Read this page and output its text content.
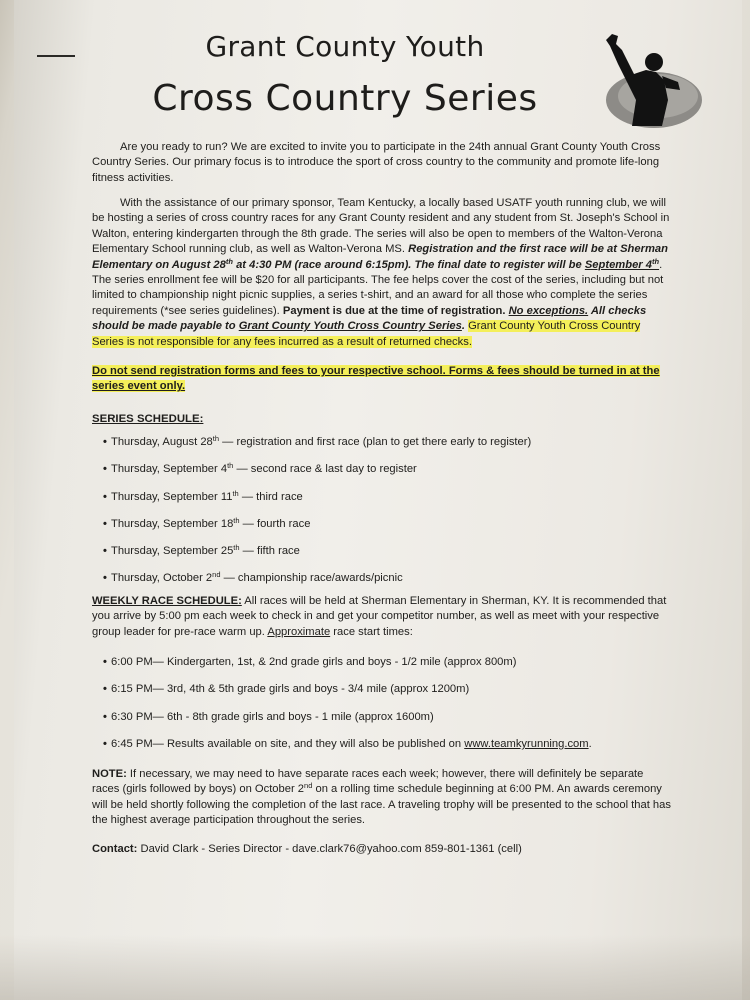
Grant County Youth
Cross Country Series

Are you ready to run? We are excited to invite you to participate in the 24th annual Grant County Youth Cross Country Series. Our primary focus is to introduce the sport of cross country to the community and promote life-long fitness activities.

With the assistance of our primary sponsor, Team Kentucky, a locally based USATF youth running club, we will be hosting a series of cross country races for any Grant County resident and any student from St. Joseph's School in Walton, entering kindergarten through the 8th grade. The series will also be open to members of the Walton-Verona Elementary School running club, as well as Walton-Verona MS. Registration and the first race will be at Sherman Elementary on August 28th at 4:30 PM (race around 6:15pm). The final date to register will be September 4th. The series enrollment fee will be $20 for all participants. The fee helps cover the cost of the series, including but not limited to championship night picnic supplies, a series t-shirt, and an award for all those who complete the series requirements (*see series guidelines). Payment is due at the time of registration. No exceptions. All checks should be made payable to Grant County Youth Cross Country Series. Grant County Youth Cross Country Series is not responsible for any fees incurred as a result of returned checks.

Do not send registration forms and fees to your respective school. Forms & fees should be turned in at the series event only.

SERIES SCHEDULE:
• Thursday, August 28th — registration and first race (plan to get there early to register)
• Thursday, September 4th — second race & last day to register
• Thursday, September 11th — third race
• Thursday, September 18th — fourth race
• Thursday, September 25th — fifth race
• Thursday, October 2nd — championship race/awards/picnic

WEEKLY RACE SCHEDULE: All races will be held at Sherman Elementary in Sherman, KY. It is recommended that you arrive by 5:00 pm each week to check in and get your competitor number, as well as meet with your respective group leader for pre-race warm up. Approximate race start times:

• 6:00 PM— Kindergarten, 1st, & 2nd grade girls and boys - 1/2 mile (approx 800m)
• 6:15 PM— 3rd, 4th & 5th grade girls and boys - 3/4 mile (approx 1200m)
• 6:30 PM— 6th - 8th grade girls and boys - 1 mile (approx 1600m)
• 6:45 PM— Results available on site, and they will also be published on www.teamkyrunning.com.

NOTE: If necessary, we may need to have separate races each week; however, there will definitely be separate races (girls followed by boys) on October 2nd on a rolling time schedule beginning at 6:00 PM. An awards ceremony will be held shortly following the completion of the last race. A traveling trophy will be presented to the school that has the highest average participation throughout the series.

Contact: David Clark - Series Director - dave.clark76@yahoo.com 859-801-1361 (cell)
